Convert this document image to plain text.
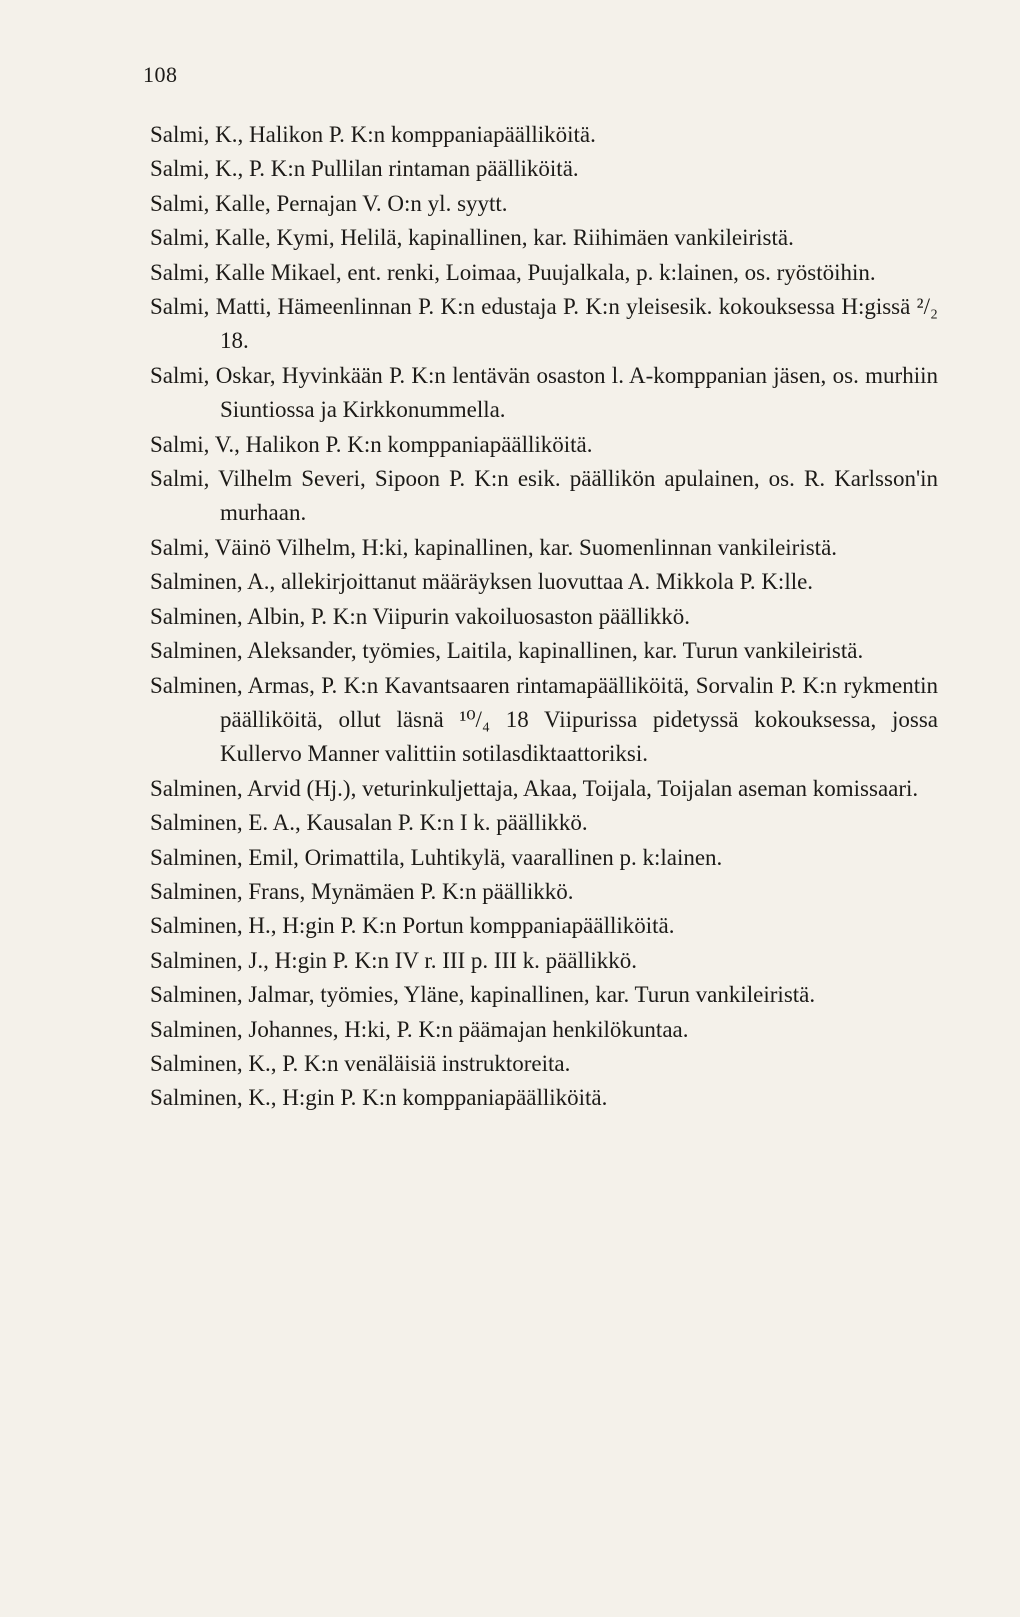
108

Salmi, K., Halikon P. K:n komppaniapäälliköitä.

Salmi, K., P. K:n Pullilan rintaman päälliköitä.

Salmi, Kalle, Pernajan V. O:n yl. syytt.

Salmi, Kalle, Kymi, Helilä, kapinallinen, kar. Riihimäen vankileiristä.

Salmi, Kalle Mikael, ent. renki, Loimaa, Puujalkala, p. k:lainen, os. ryöstöihin.

Salmi, Matti, Hämeenlinnan P. K:n edustaja P. K:n yleisesik. kokouksessa H:gissä ²/₂ 18.

Salmi, Oskar, Hyvinkään P. K:n lentävän osaston l. A-komppanian jäsen, os. murhiin Siuntiossa ja Kirkkonummella.

Salmi, V., Halikon P. K:n komppaniapäälliköitä.

Salmi, Vilhelm Severi, Sipoon P. K:n esik. päällikön apulainen, os. R. Karlsson'in murhaan.

Salmi, Väinö Vilhelm, H:ki, kapinallinen, kar. Suomenlinnan vankileiristä.

Salminen, A., allekirjoittanut määräyksen luovuttaa A. Mikkola P. K:lle.

Salminen, Albin, P. K:n Viipurin vakoiluosaston päällikkö.

Salminen, Aleksander, työmies, Laitila, kapinallinen, kar. Turun vankileiristä.

Salminen, Armas, P. K:n Kavantsaaren rintamapäälliköitä, Sorvalin P. K:n rykmentin päälliköitä, ollut läsnä ¹⁰/₄ 18 Viipurissa pidetyssä kokouksessa, jossa Kullervo Manner valittiin sotilasdiktaattoriksi.

Salminen, Arvid (Hj.), veturinkuljettaja, Akaa, Toijala, Toijalan aseman komissaari.

Salminen, E. A., Kausalan P. K:n I k. päällikkö.

Salminen, Emil, Orimattila, Luhtikylä, vaarallinen p. k:lainen.

Salminen, Frans, Mynämäen P. K:n päällikkö.

Salminen, H., H:gin P. K:n Portun komppaniapäälliköitä.

Salminen, J., H:gin P. K:n IV r. III p. III k. päällikkö.

Salminen, Jalmar, työmies, Yläne, kapinallinen, kar. Turun vankileiristä.

Salminen, Johannes, H:ki, P. K:n päämajan henkilökuntaa.

Salminen, K., P. K:n venäläisiä instruktoreita.

Salminen, K., H:gin P. K:n komppaniapäälliköitä.
